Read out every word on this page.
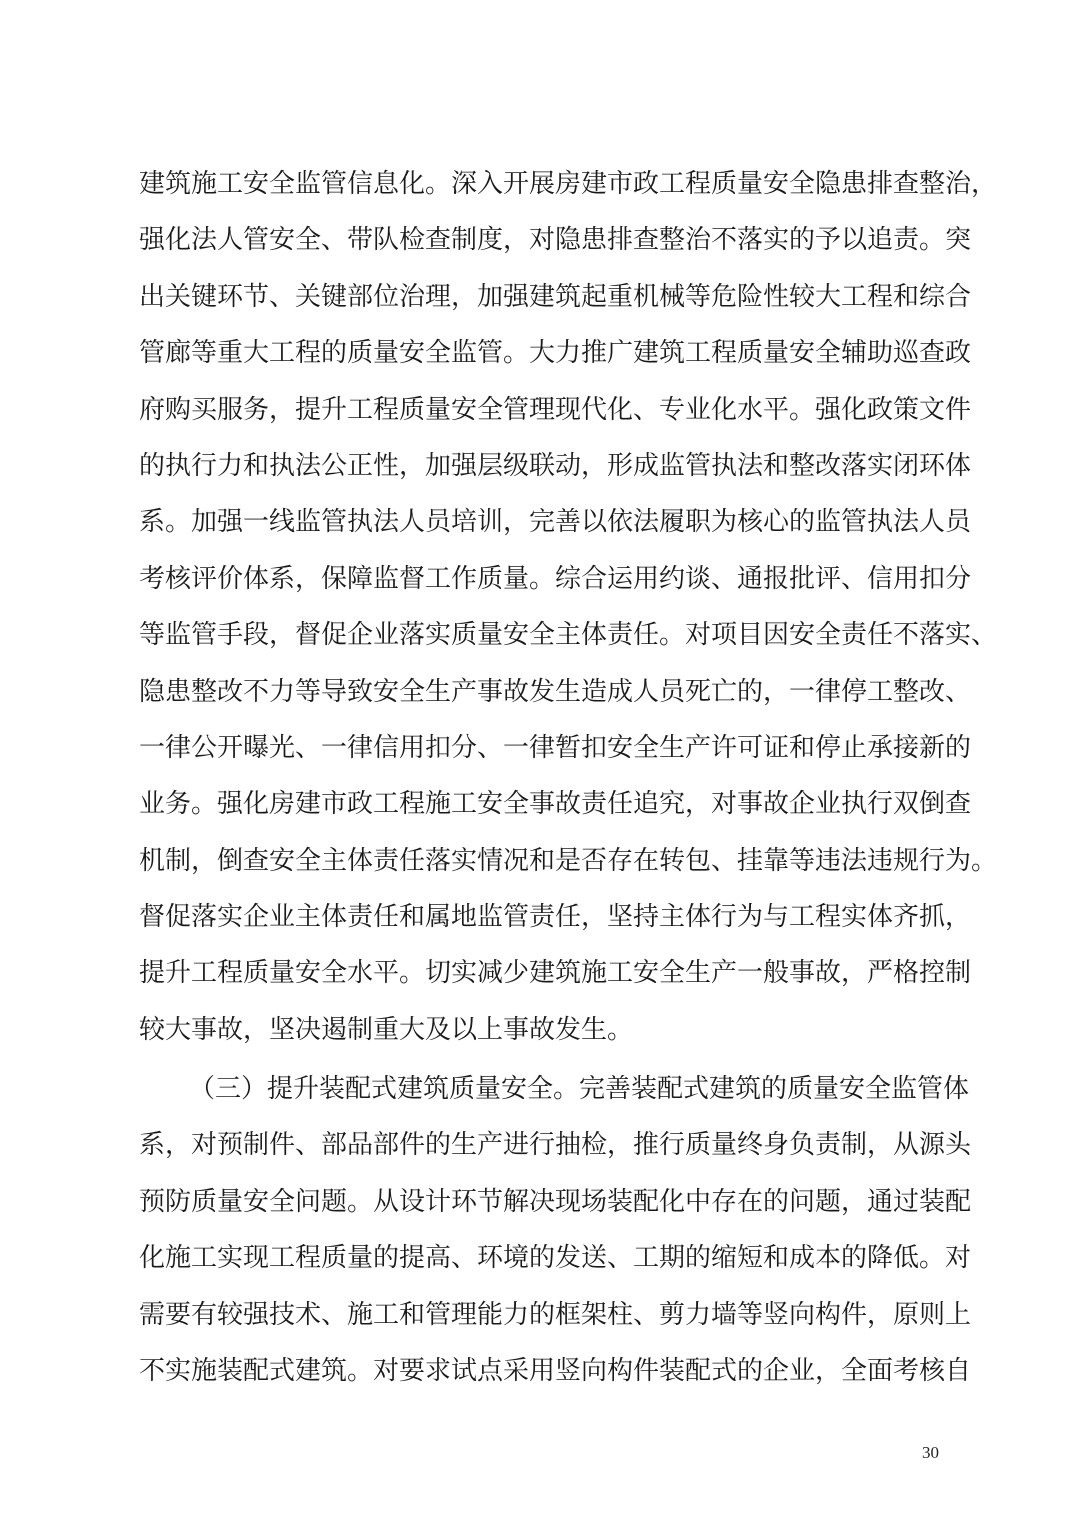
建筑施工安全监管信息化。深入开展房建市政工程质量安全隐患排查整治，
强化法人管安全、带队检查制度，对隐患排查整治不落实的予以追责。突
出关键环节、关键部位治理，加强建筑起重机械等危险性较大工程和综合
管廊等重大工程的质量安全监管。大力推广建筑工程质量安全辅助巡查政
府购买服务，提升工程质量安全管理现代化、专业化水平。强化政策文件
的执行力和执法公正性，加强层级联动，形成监管执法和整改落实闭环体
系。加强一线监管执法人员培训，完善以依法履职为核心的监管执法人员
考核评价体系，保障监督工作质量。综合运用约谈、通报批评、信用扣分
等监管手段，督促企业落实质量安全主体责任。对项目因安全责任不落实、
隐患整改不力等导致安全生产事故发生造成人员死亡的，一律停工整改、
一律公开曝光、一律信用扣分、一律暂扣安全生产许可证和停止承接新的
业务。强化房建市政工程施工安全事故责任追究，对事故企业执行双倒查
机制，倒查安全主体责任落实情况和是否存在转包、挂靠等违法违规行为。
督促落实企业主体责任和属地监管责任，坚持主体行为与工程实体齐抓，
提升工程质量安全水平。切实减少建筑施工安全生产一般事故，严格控制
较大事故，坚决遏制重大及以上事故发生。
（三）提升装配式建筑质量安全。完善装配式建筑的质量安全监管体
系，对预制件、部品部件的生产进行抽检，推行质量终身负责制，从源头
预防质量安全问题。从设计环节解决现场装配化中存在的问题，通过装配
化施工实现工程质量的提高、环境的发送、工期的缩短和成本的降低。对
需要有较强技术、施工和管理能力的框架柱、剪力墙等竖向构件，原则上
不实施装配式建筑。对要求试点采用竖向构件装配式的企业，全面考核自
30
